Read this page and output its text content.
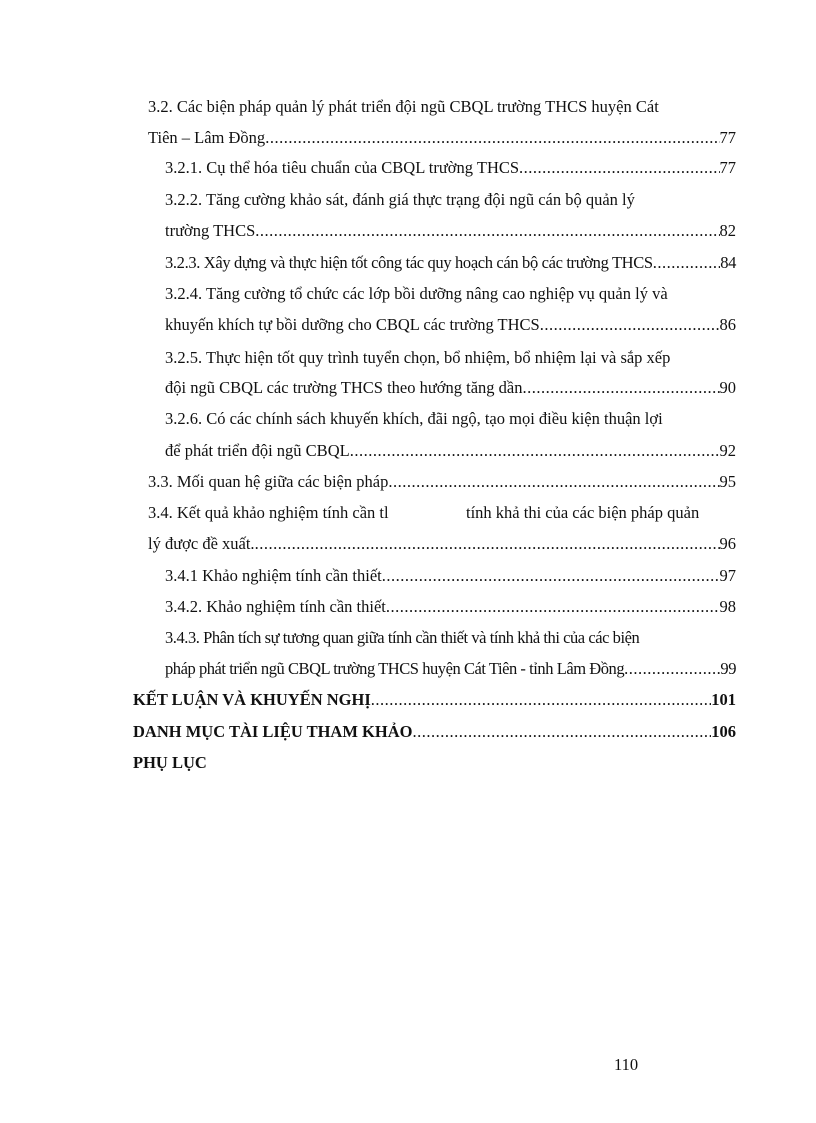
3.2. Các biện pháp quản lý phát triển đội ngũ CBQL trường THCS huyện Cát
Tiên – Lâm Đồng .....	77
3.2.1. Cụ thể hóa tiêu chuẩn của CBQL trường THCS .....	77
3.2.2. Tăng cường khảo sát, đánh giá thực trạng đội ngũ cán bộ quản lý
trường THCS .....	82
3.2.3. Xây dựng và thực hiện tốt công tác quy hoạch cán bộ các trường THCS .....	84
3.2.4. Tăng cường tổ chức các lớp bồi dưỡng nâng cao nghiệp vụ quản lý và
khuyến khích tự bồi dưỡng cho CBQL các trường THCS .....	86
3.2.5. Thực hiện tốt quy trình tuyển chọn, bổ nhiệm, bổ nhiệm lại và sắp xếp
đội ngũ CBQL các trường THCS theo hướng tăng dần .....	90
3.2.6. Có các chính sách khuyến khích, đãi ngộ, tạo mọi điều kiện thuận lợi
để phát triển đội ngũ CBQL .....	92
3.3. Mối quan hệ giữa các biện pháp .....	95
3.4. Kết quả khảo nghiệm tính cần tl	tính khả thi của các biện pháp quản
lý được đề xuất. .....	96
3.4.1 Khảo nghiệm tính cần thiết .....	97
3.4.2. Khảo nghiệm tính cần thiết .....	98
3.4.3. Phân tích sự tương quan giữa tính cần thiết và tính khả thi của các biện
pháp phát triển ngũ CBQL trường THCS huyện Cát Tiên - tỉnh Lâm Đồng .....	99
KẾT LUẬN VÀ KHUYẾN NGHỊ .....	101
DANH MỤC TÀI LIỆU THAM KHẢO .....	106
PHỤ LỤC
110
